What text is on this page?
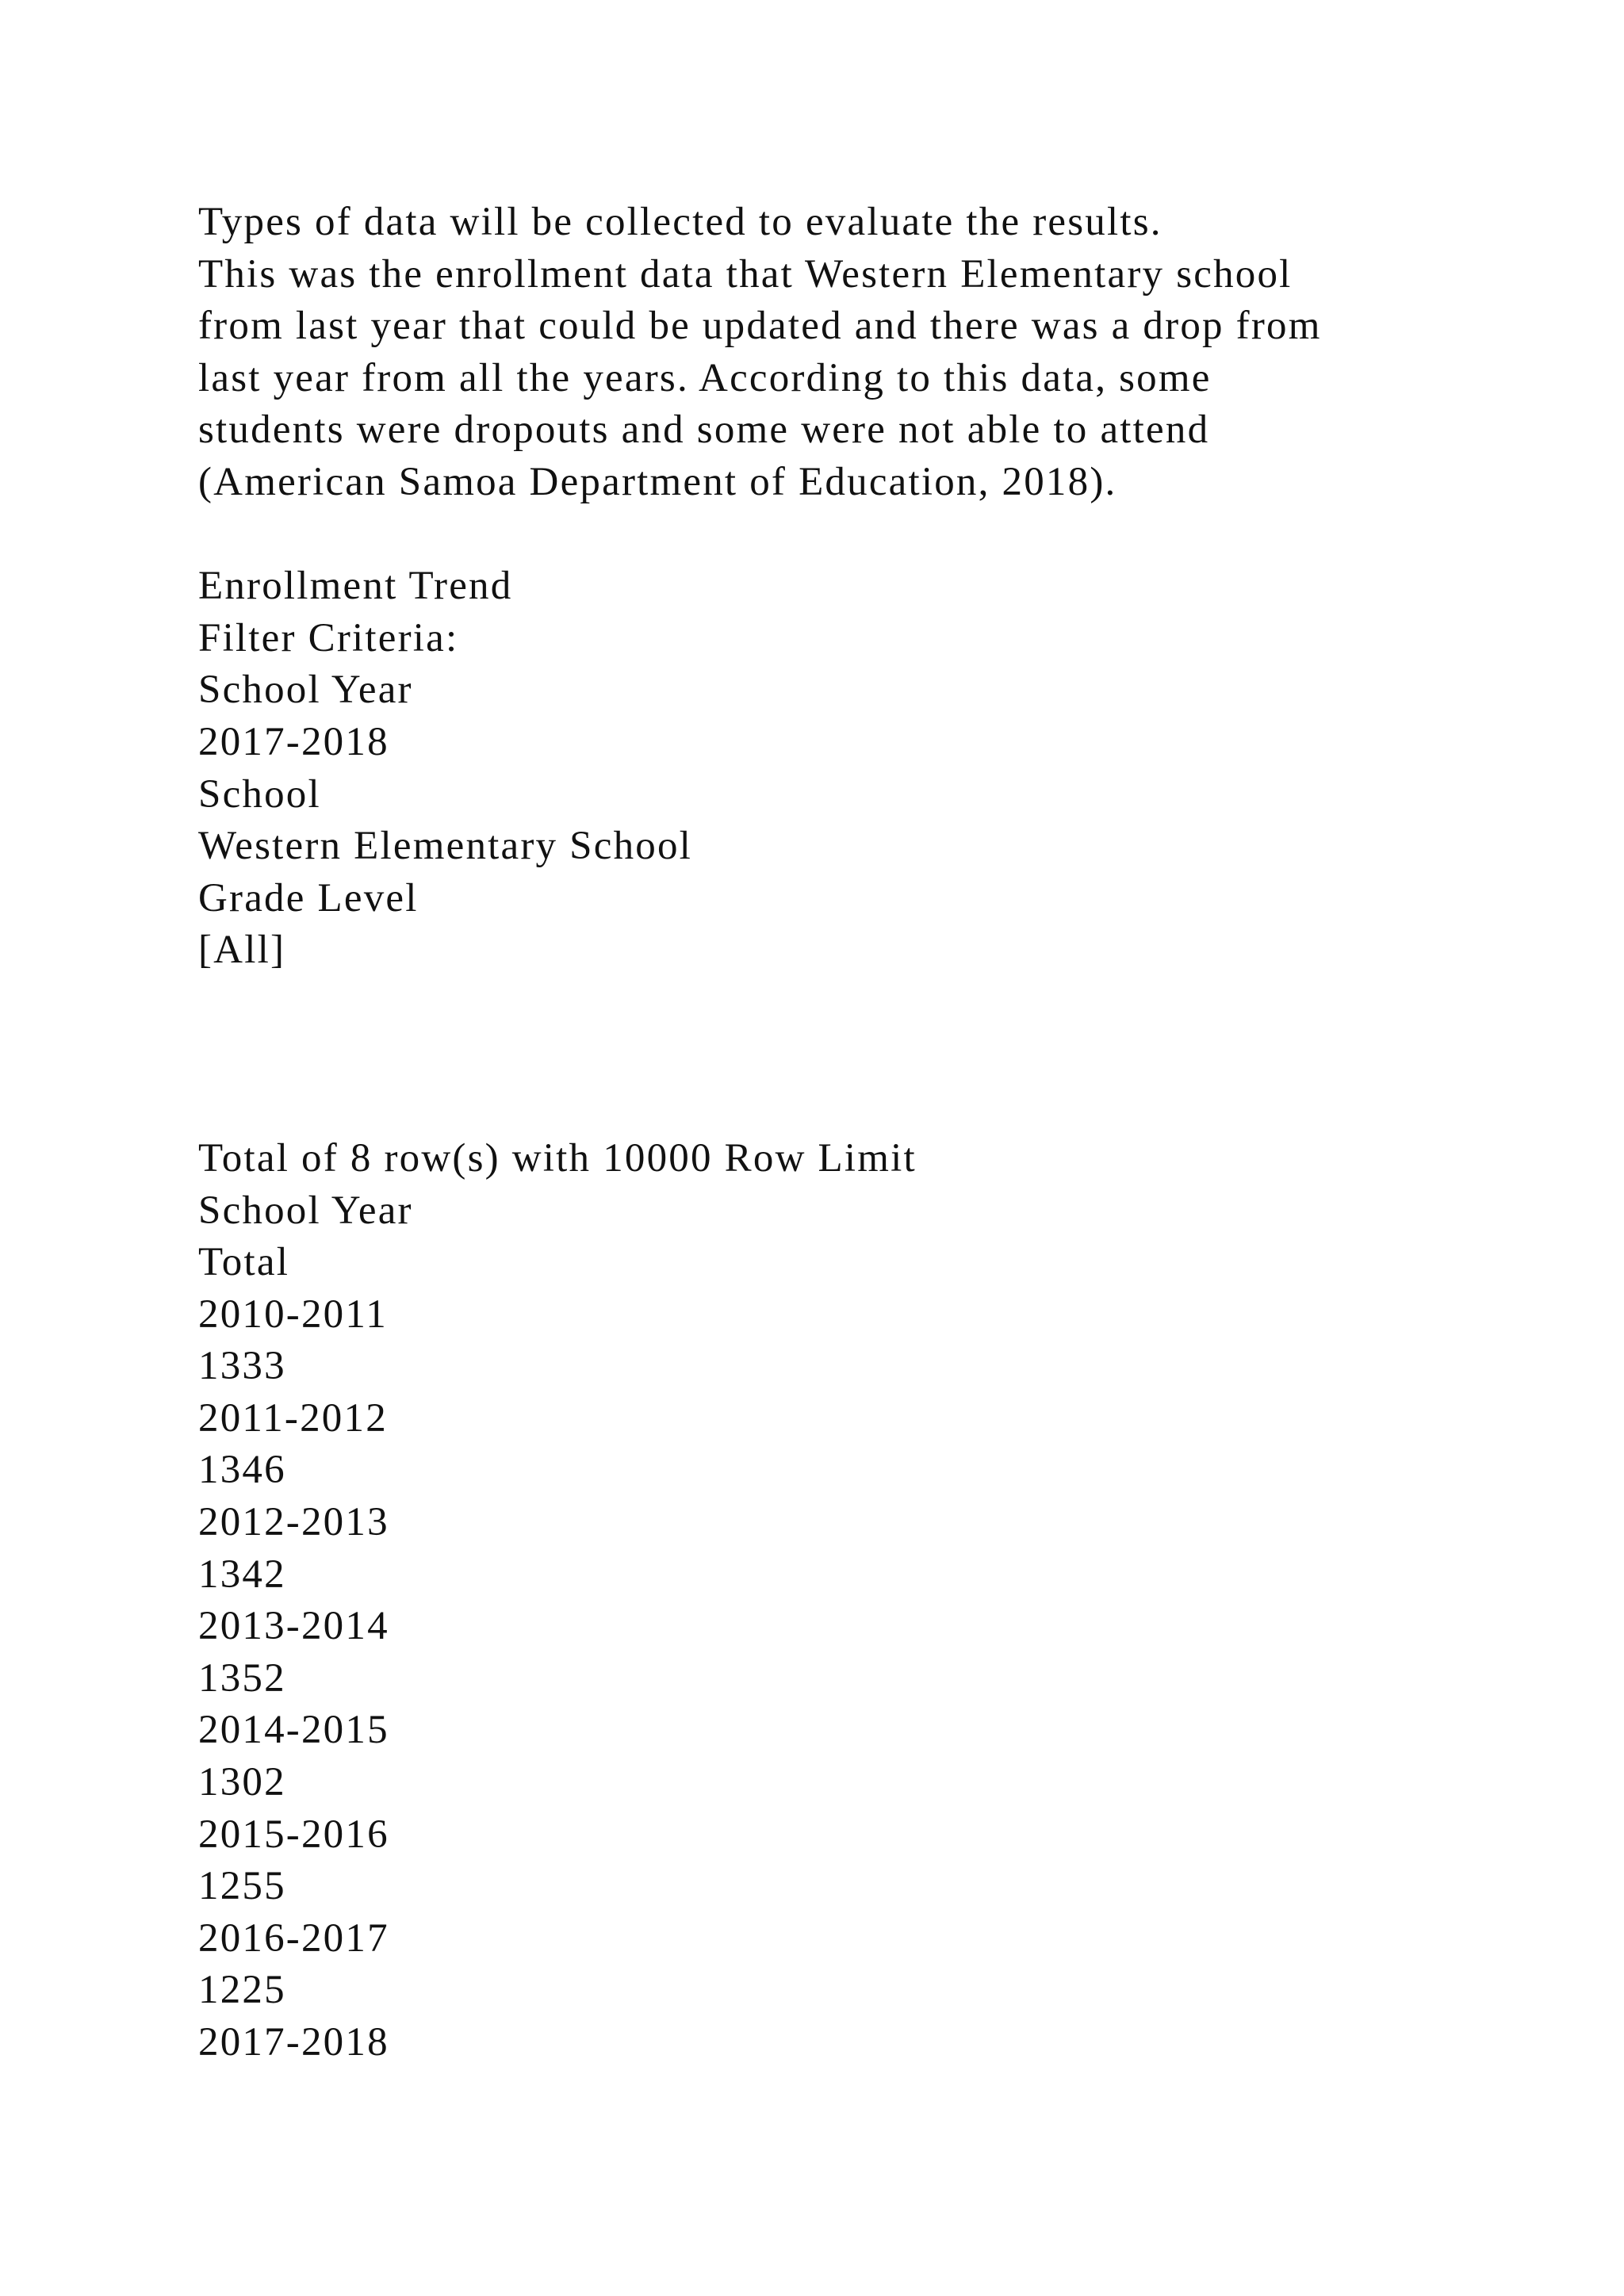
Types of data will be collected to evaluate the results.
This was the enrollment data that Western Elementary school
from last year that could be updated and there was a drop from
last year from all the years. According to this data, some
students were dropouts and some were not able to attend
(American Samoa Department of Education, 2018).
Enrollment Trend
Filter Criteria:
School Year
2017-2018
School
Western Elementary School
Grade Level
[All]
Total of 8 row(s) with 10000 Row Limit
School Year
Total
2010-2011
1333
2011-2012
1346
2012-2013
1342
2013-2014
1352
2014-2015
1302
2015-2016
1255
2016-2017
1225
2017-2018
